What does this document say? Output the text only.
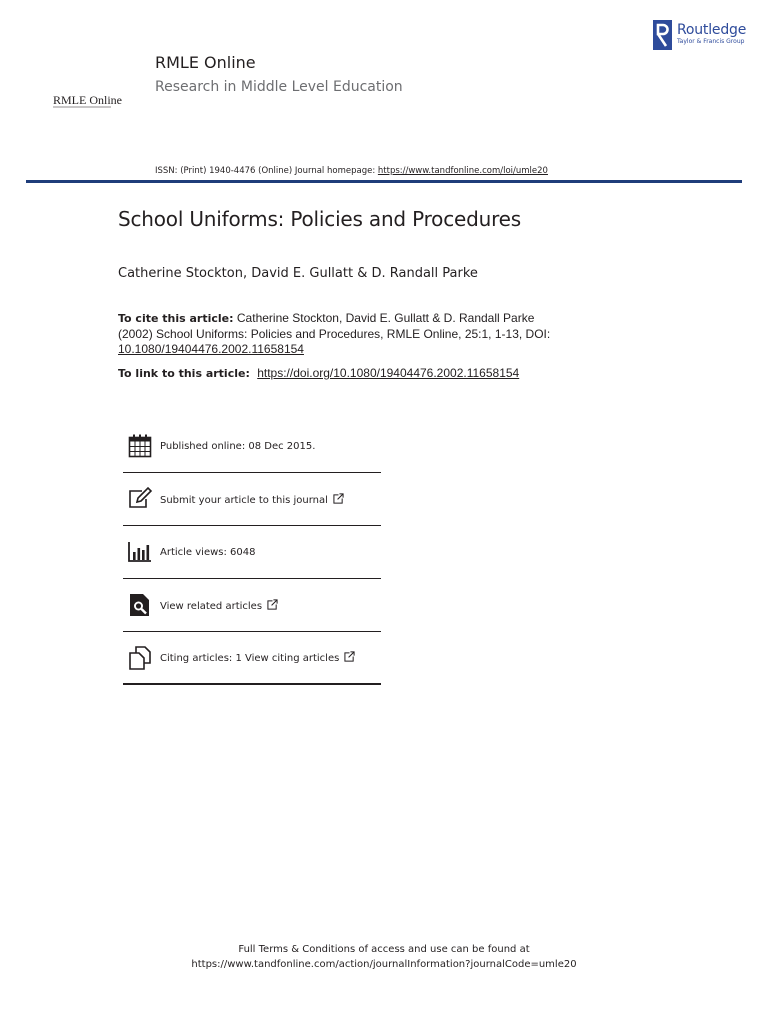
Routledge
Taylor & Francis Group
RMLE Online
RMLE Online
Research in Middle Level Education
ISSN: (Print) 1940-4476 (Online) Journal homepage: https://www.tandfonline.com/loi/umle20
School Uniforms: Policies and Procedures
Catherine Stockton, David E. Gullatt & D. Randall Parke
To cite this article: Catherine Stockton, David E. Gullatt & D. Randall Parke (2002) School Uniforms: Policies and Procedures, RMLE Online, 25:1, 1-13, DOI: 10.1080/19404476.2002.11658154
To link to this article: https://doi.org/10.1080/19404476.2002.11658154
Published online: 08 Dec 2015.
Submit your article to this journal
Article views: 6048
View related articles
Citing articles: 1 View citing articles
Full Terms & Conditions of access and use can be found at
https://www.tandfonline.com/action/journalInformation?journalCode=umle20
